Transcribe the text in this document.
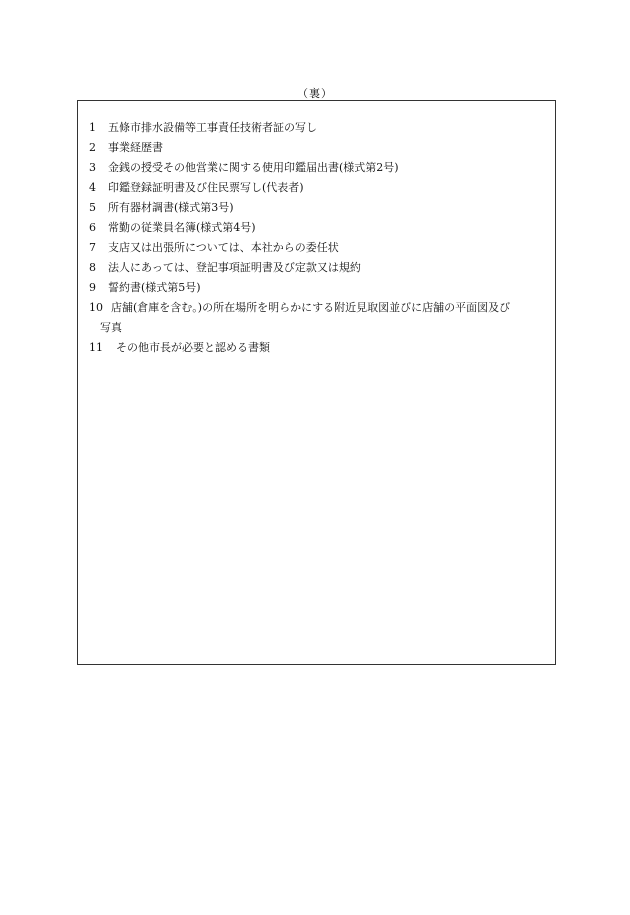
（裏）
1 五條市排水設備等工事責任技術者証の写し
2 事業経歴書
3 金銭の授受その他営業に関する使用印鑑届出書(様式第2号)
4 印鑑登録証明書及び住民票写し(代表者)
5 所有器材調書(様式第3号)
6 常勤の従業員名簿(様式第4号)
7 支店又は出張所については、本社からの委任状
8 法人にあっては、登記事項証明書及び定款又は規約
9 誓約書(様式第5号)
10 店舗(倉庫を含む。)の所在場所を明らかにする附近見取図並びに店舗の平面図及び
写真
11 その他市長が必要と認める書類
